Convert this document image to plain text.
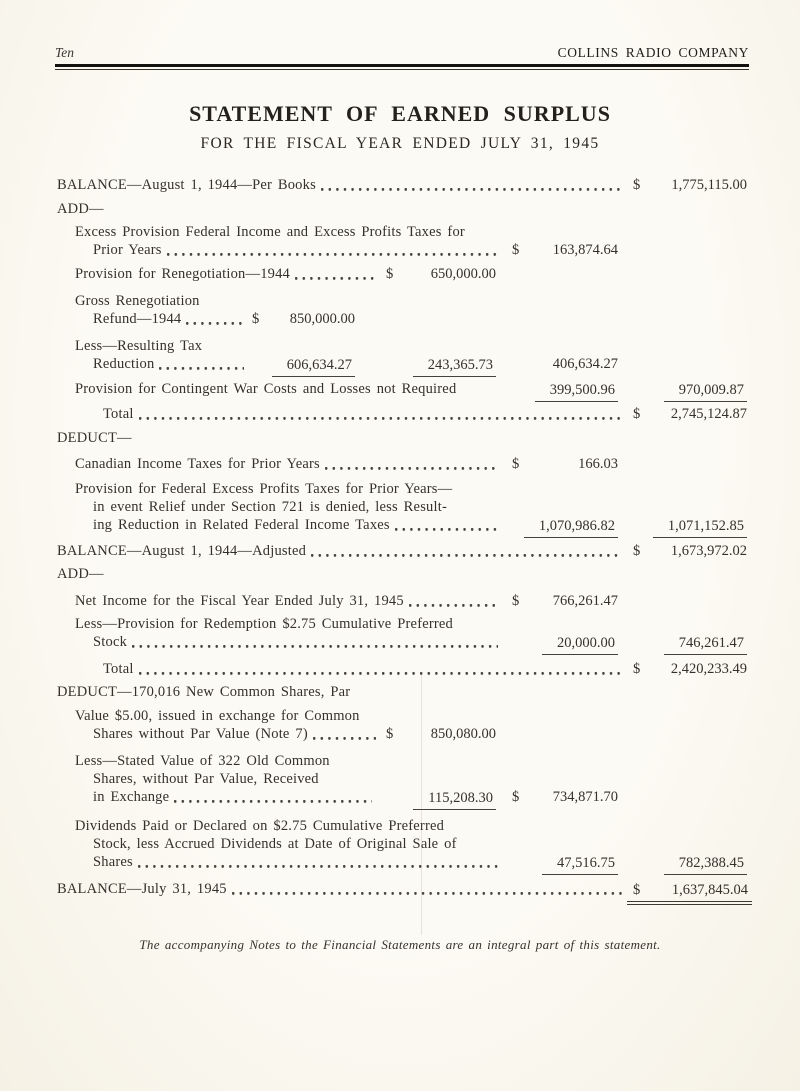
Ten	COLLINS RADIO COMPANY
STATEMENT OF EARNED SURPLUS
FOR THE FISCAL YEAR ENDED JULY 31, 1945
BALANCE—August 1, 1944—Per Books	$ 1,775,115.00
ADD—
Excess Provision Federal Income and Excess Profits Taxes for
Prior Years	$ 163,874.64
Provision for Renegotiation—1944	$	650,000.00
Gross Renegotiation
Refund—1944	$ 850,000.00
Less—Resulting Tax
Reduction	606,634.27	243,365.73	406,634.27
Provision for Contingent War Costs and Losses not Required	399,500.96	970,009.87
Total	$ 2,745,124.87
DEDUCT—
Canadian Income Taxes for Prior Years	$	166.03
Provision for Federal Excess Profits Taxes for Prior Years—
in event Relief under Section 721 is denied, less Result-
ing Reduction in Related Federal Income Taxes	1,070,986.82	1,071,152.85
BALANCE—August 1, 1944—Adjusted	$ 1,673,972.02
ADD—
Net Income for the Fiscal Year Ended July 31, 1945	$ 766,261.47
Less—Provision for Redemption $2.75 Cumulative Preferred
Stock	20,000.00	746,261.47
Total	$ 2,420,233.49
DEDUCT—170,016 New Common Shares, Par
Value $5.00, issued in exchange for Common
Shares without Par Value (Note 7)	$	850,080.00
Less—Stated Value of 322 Old Common
Shares, without Par Value, Received
in Exchange	115,208.30 $ 734,871.70
Dividends Paid or Declared on $2.75 Cumulative Preferred
Stock, less Accrued Dividends at Date of Original Sale of
Shares	47,516.75	782,388.45
BALANCE—July 31, 1945	$ 1,637,845.04
The accompanying Notes to the Financial Statements are an integral part of this statement.
